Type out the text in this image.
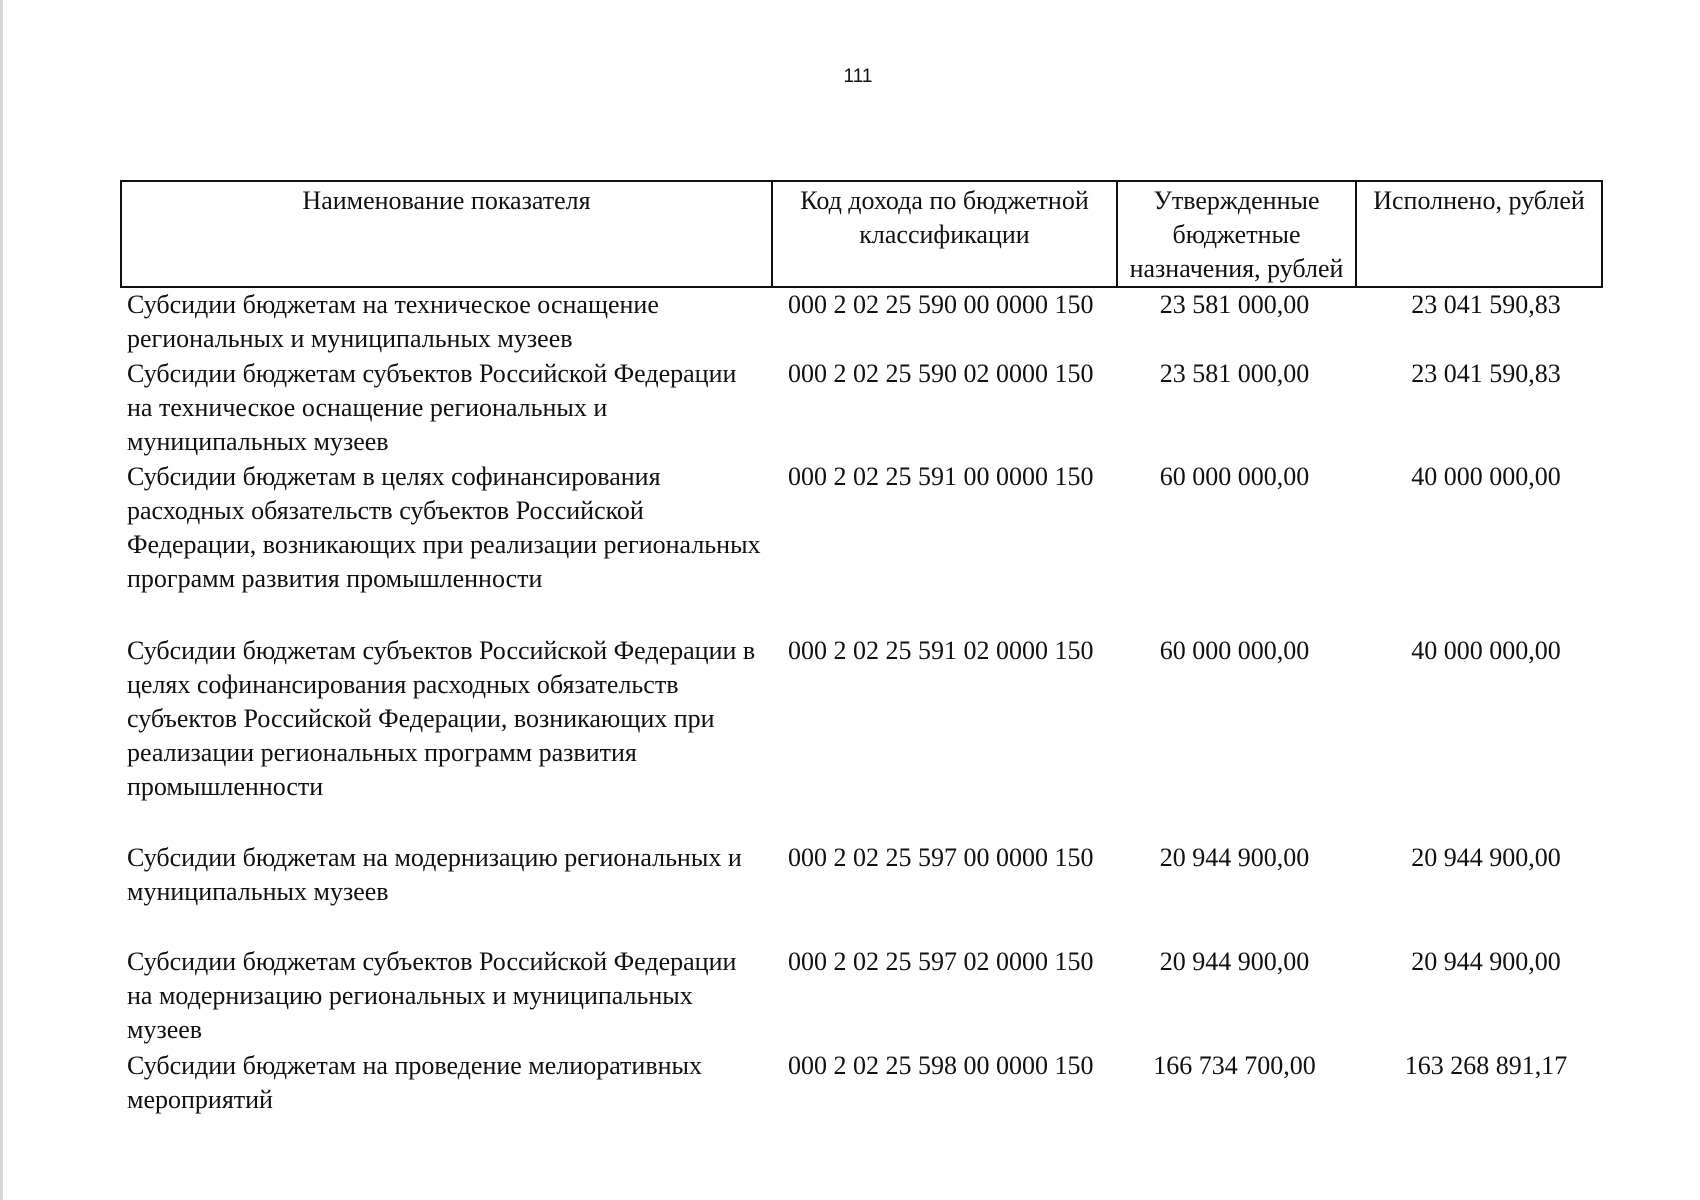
111
Наименование показателя	Код дохода по бюджетной классификации	Утвержденные бюджетные назначения, рублей	Исполнено, рублей
Субсидии бюджетам на техническое оснащение региональных и муниципальных музеев	000 2 02 25 590 00 0000 150	23 581 000,00	23 041 590,83
Субсидии бюджетам субъектов Российской Федерации на техническое оснащение региональных и муниципальных музеев	000 2 02 25 590 02 0000 150	23 581 000,00	23 041 590,83
Субсидии бюджетам в целях софинансирования расходных обязательств субъектов Российской Федерации, возникающих при реализации региональных программ развития промышленности	000 2 02 25 591 00 0000 150	60 000 000,00	40 000 000,00
Субсидии бюджетам субъектов Российской Федерации в целях софинансирования расходных обязательств субъектов Российской Федерации, возникающих при реализации региональных программ развития промышленности	000 2 02 25 591 02 0000 150	60 000 000,00	40 000 000,00
Субсидии бюджетам на модернизацию региональных и муниципальных музеев	000 2 02 25 597 00 0000 150	20 944 900,00	20 944 900,00
Субсидии бюджетам субъектов Российской Федерации на модернизацию региональных и муниципальных музеев	000 2 02 25 597 02 0000 150	20 944 900,00	20 944 900,00
Субсидии бюджетам на проведение мелиоративных мероприятий	000 2 02 25 598 00 0000 150	166 734 700,00	163 268 891,17
